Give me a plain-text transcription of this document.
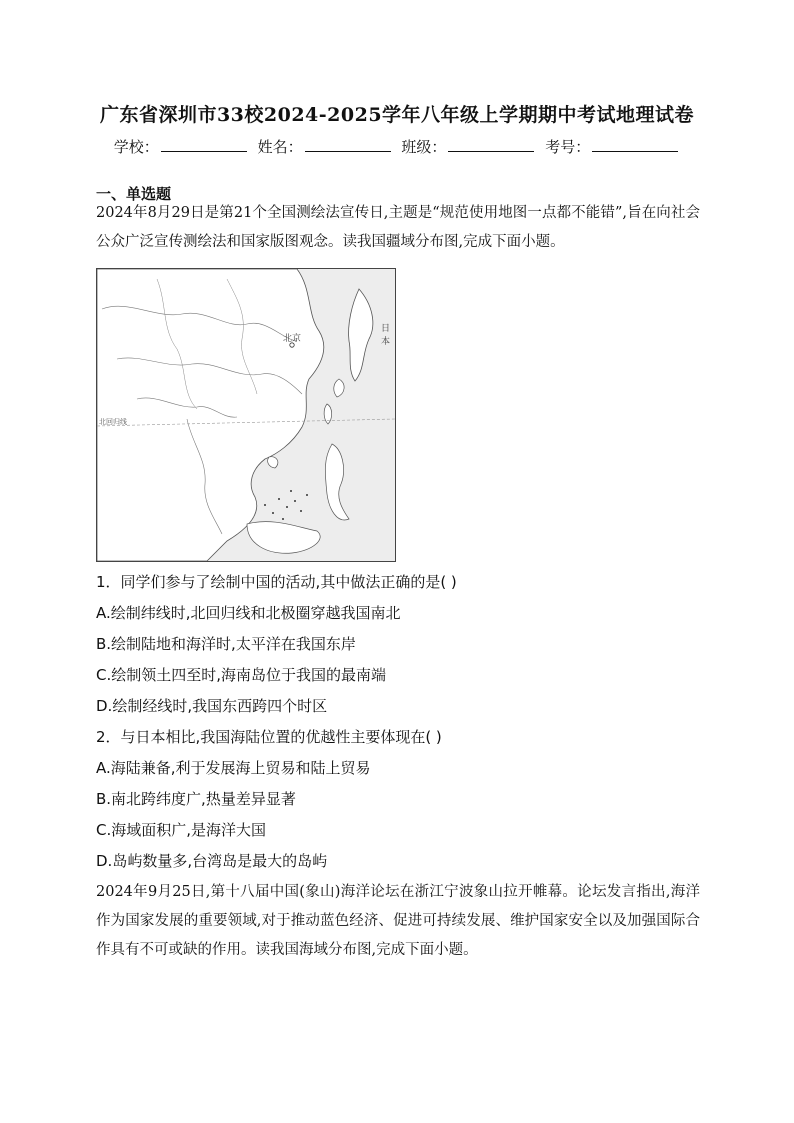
广东省深圳市33校2024-2025学年八年级上学期期中考试地理试卷
学校：	姓名：	班级：	考号：
一、单选题
2024年8月29日是第21个全国测绘法宣传日,主题是“规范使用地图一点都不能错”,旨在向社会公众广泛宣传测绘法和国家版图观念。读我国疆域分布图,完成下面小题。
北京
日
本
北回归线
1．同学们参与了绘制中国的活动,其中做法正确的是( )
A.绘制纬线时,北回归线和北极圈穿越我国南北
B.绘制陆地和海洋时,太平洋在我国东岸
C.绘制领土四至时,海南岛位于我国的最南端
D.绘制经线时,我国东西跨四个时区
2．与日本相比,我国海陆位置的优越性主要体现在( )
A.海陆兼备,利于发展海上贸易和陆上贸易
B.南北跨纬度广,热量差异显著
C.海域面积广,是海洋大国
D.岛屿数量多,台湾岛是最大的岛屿
2024年9月25日,第十八届中国(象山)海洋论坛在浙江宁波象山拉开帷幕。论坛发言指出,海洋作为国家发展的重要领域,对于推动蓝色经济、促进可持续发展、维护国家安全以及加强国际合作具有不可或缺的作用。读我国海域分布图,完成下面小题。
